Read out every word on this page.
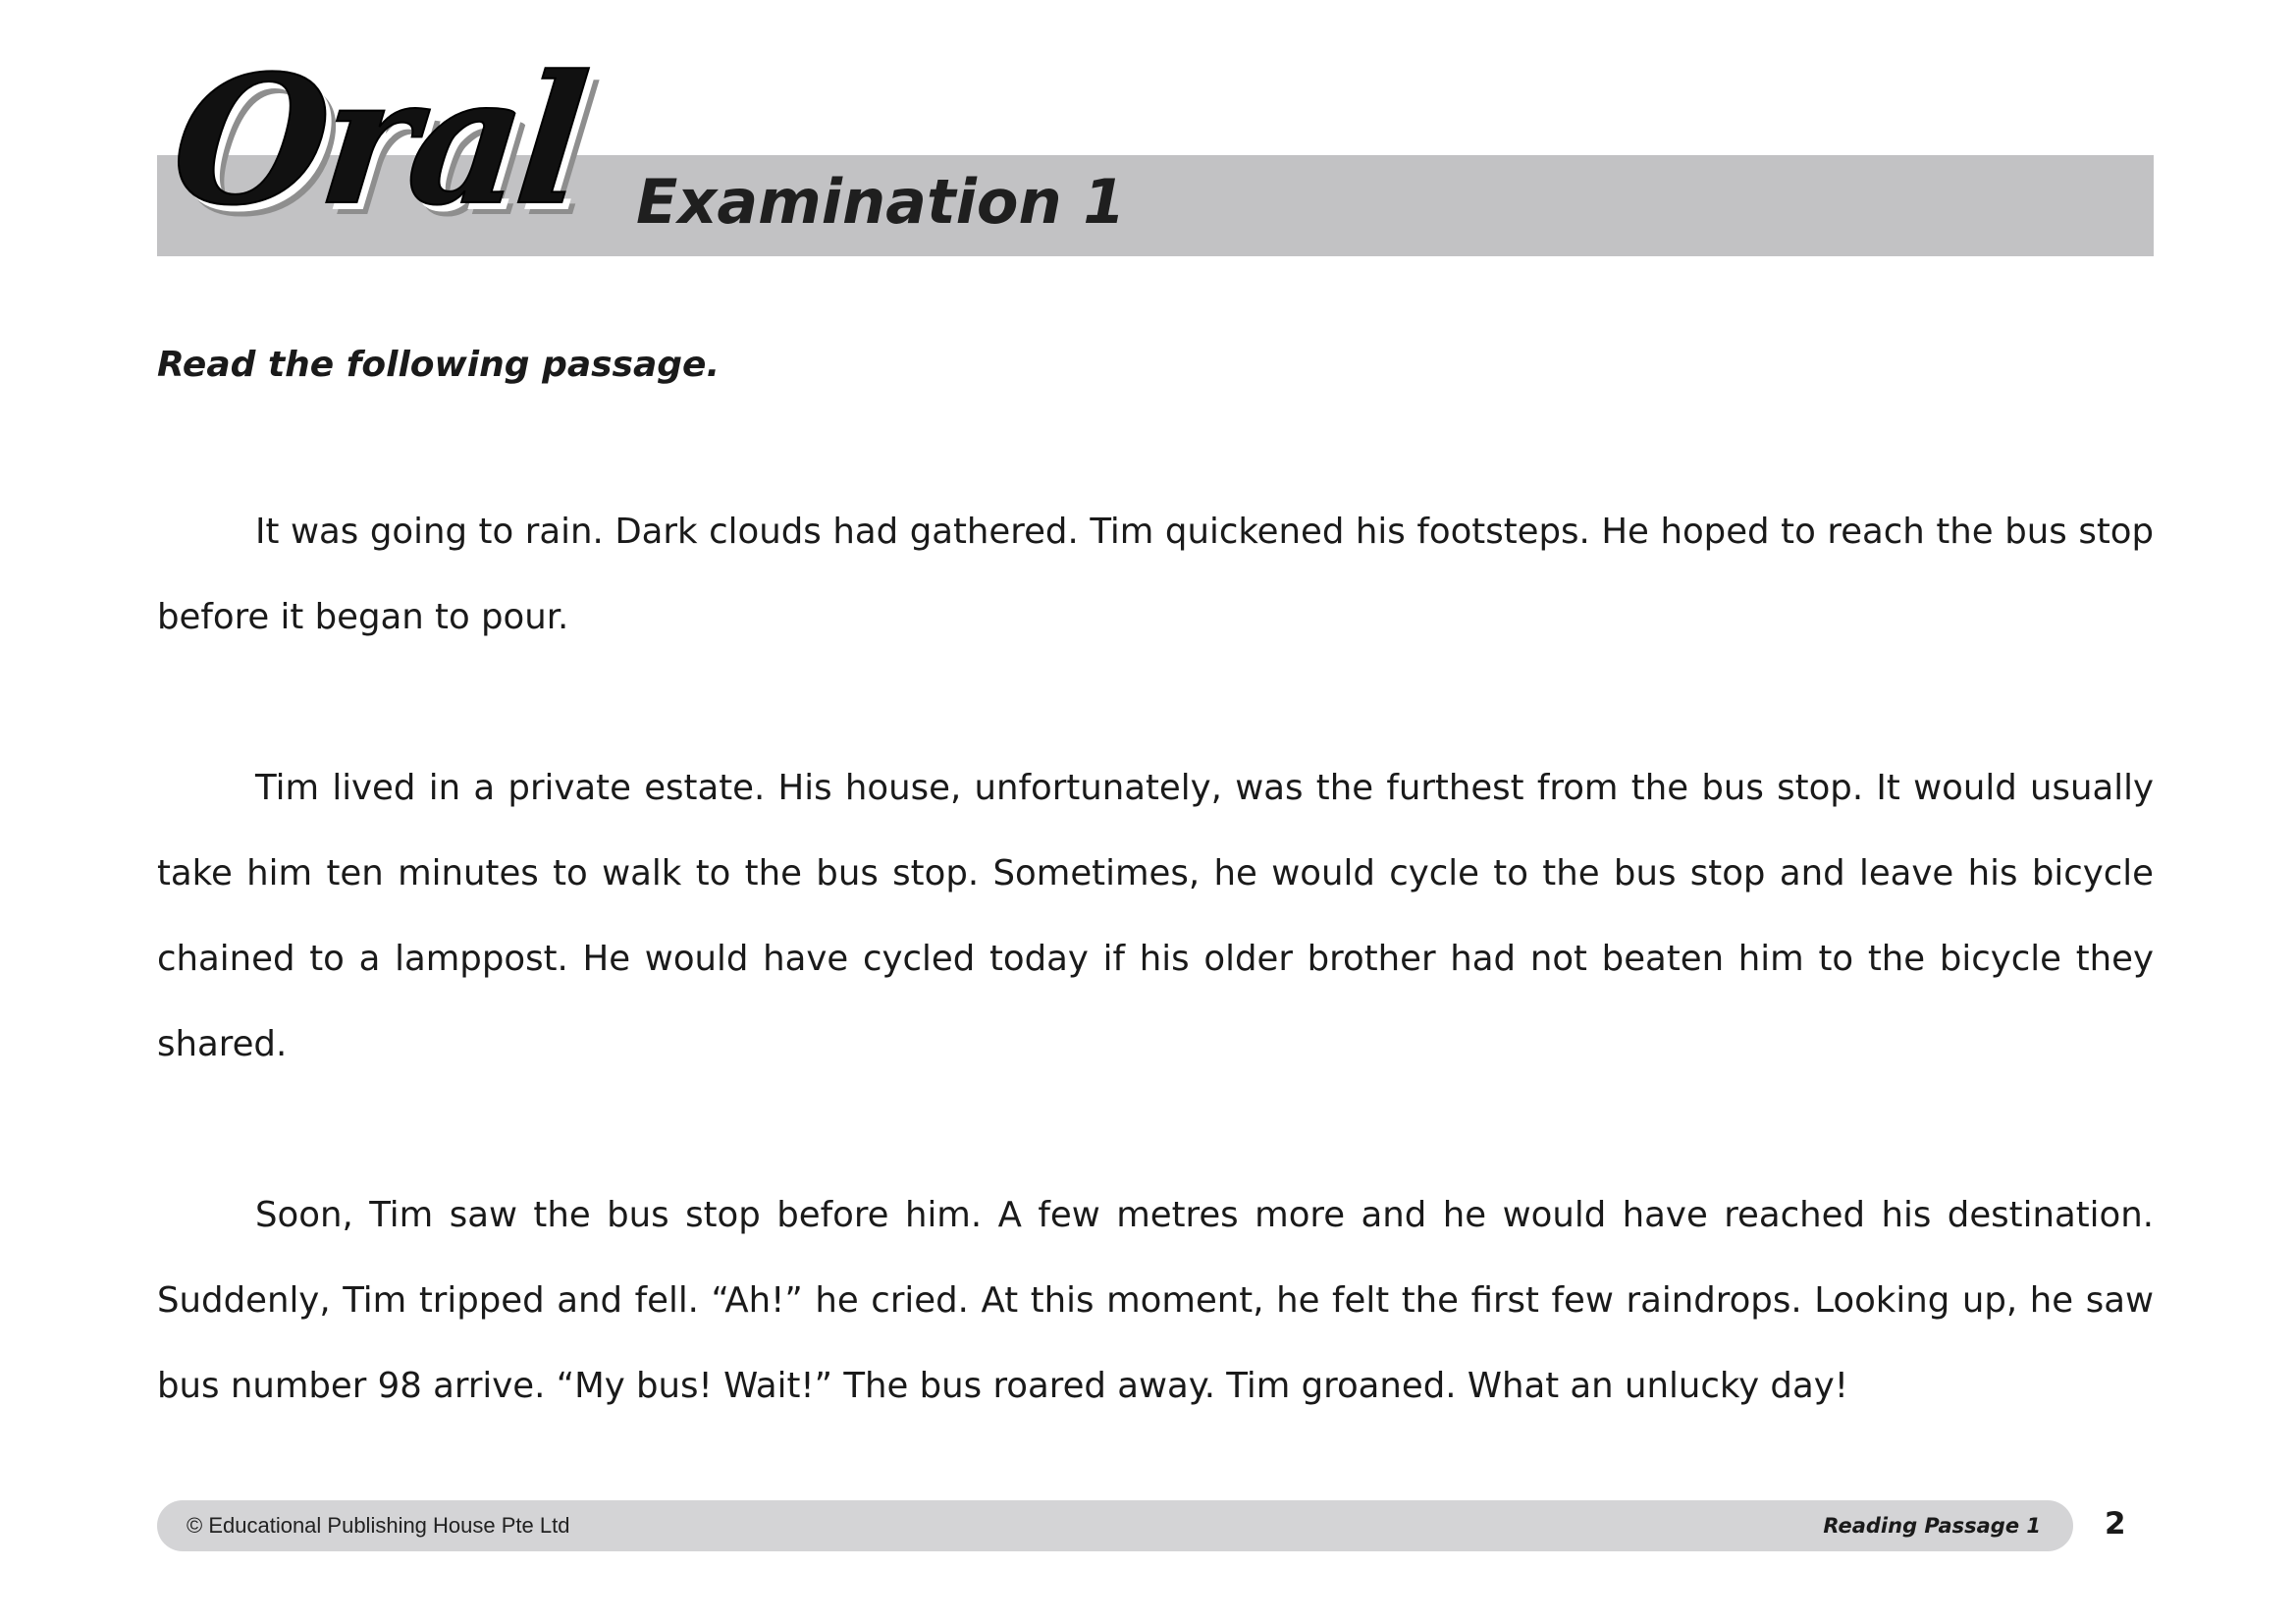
Oral Examination 1
Read the following passage.

It was going to rain. Dark clouds had gathered. Tim quickened his footsteps. He hoped to reach the bus stop before it began to pour.

Tim lived in a private estate. His house, unfortunately, was the furthest from the bus stop. It would usually take him ten minutes to walk to the bus stop. Sometimes, he would cycle to the bus stop and leave his bicycle chained to a lamppost. He would have cycled today if his older brother had not beaten him to the bicycle they shared.

Soon, Tim saw the bus stop before him. A few metres more and he would have reached his destination. Suddenly, Tim tripped and fell. “Ah!” he cried. At this moment, he felt the first few raindrops. Looking up, he saw bus number 98 arrive. “My bus! Wait!” The bus roared away. Tim groaned. What an unlucky day!

© Educational Publishing House Pte Ltd	Reading Passage 1 2
